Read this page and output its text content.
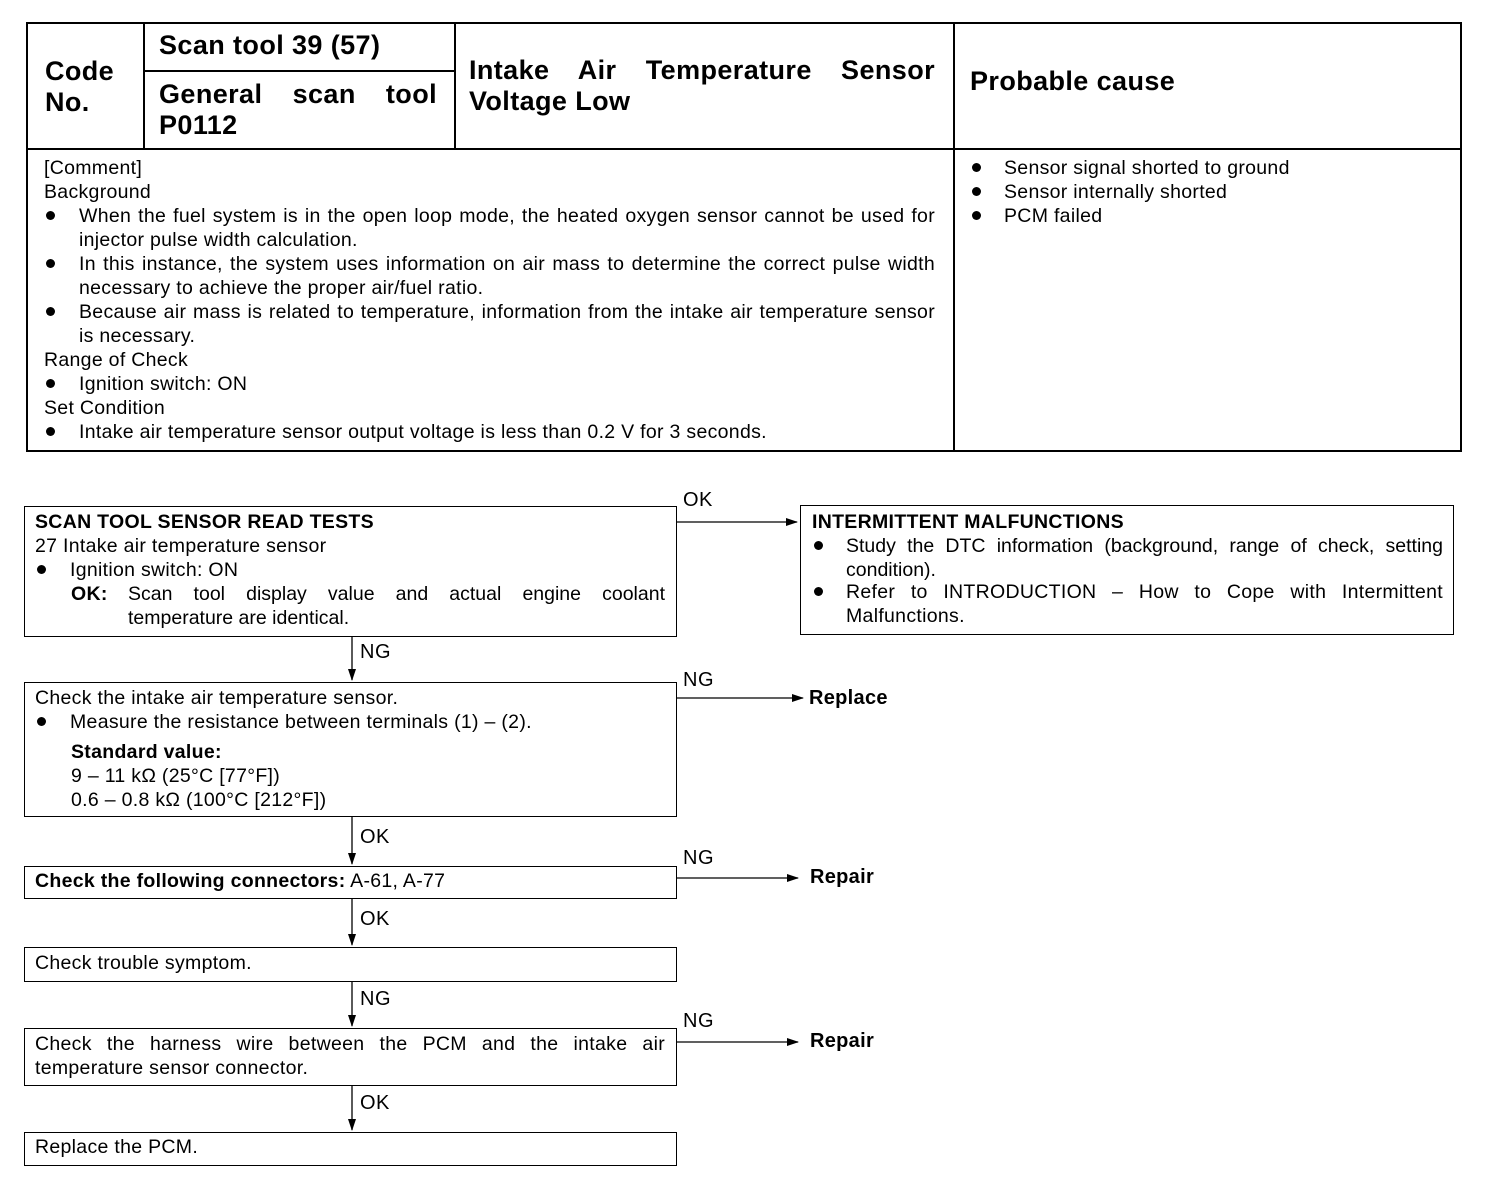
Code No.
Scan tool 39 (57)
General scan tool P0112
Intake Air Temperature Sensor Voltage Low
Probable cause
[Comment]
Background
When the fuel system is in the open loop mode, the heated oxygen sensor cannot be used for injector pulse width calculation.
In this instance, the system uses information on air mass to determine the correct pulse width necessary to achieve the proper air/fuel ratio.
Because air mass is related to temperature, information from the intake air temperature sensor is necessary.
Range of Check
Ignition switch: ON
Set Condition
Intake air temperature sensor output voltage is less than 0.2 V for 3 seconds.
Sensor signal shorted to ground
Sensor internally shorted
PCM failed
OK
NG
NG
OK
NG
OK
NG
NG
OK
Replace
Repair
Repair
SCAN TOOL SENSOR READ TESTS
27 Intake air temperature sensor
Ignition switch: ON
OK: Scan tool display value and actual engine coolant temperature are identical.
INTERMITTENT MALFUNCTIONS
Study the DTC information (background, range of check, setting condition).
Refer to INTRODUCTION – How to Cope with Intermittent Malfunctions.
Check the intake air temperature sensor.
Measure the resistance between terminals (1) – (2).
Standard value:
9 – 11 kΩ (25°C [77°F])
0.6 – 0.8 kΩ (100°C [212°F])
Check the following connectors: A-61, A-77
Check trouble symptom.
Check the harness wire between the PCM and the intake air temperature sensor connector.
Replace the PCM.
